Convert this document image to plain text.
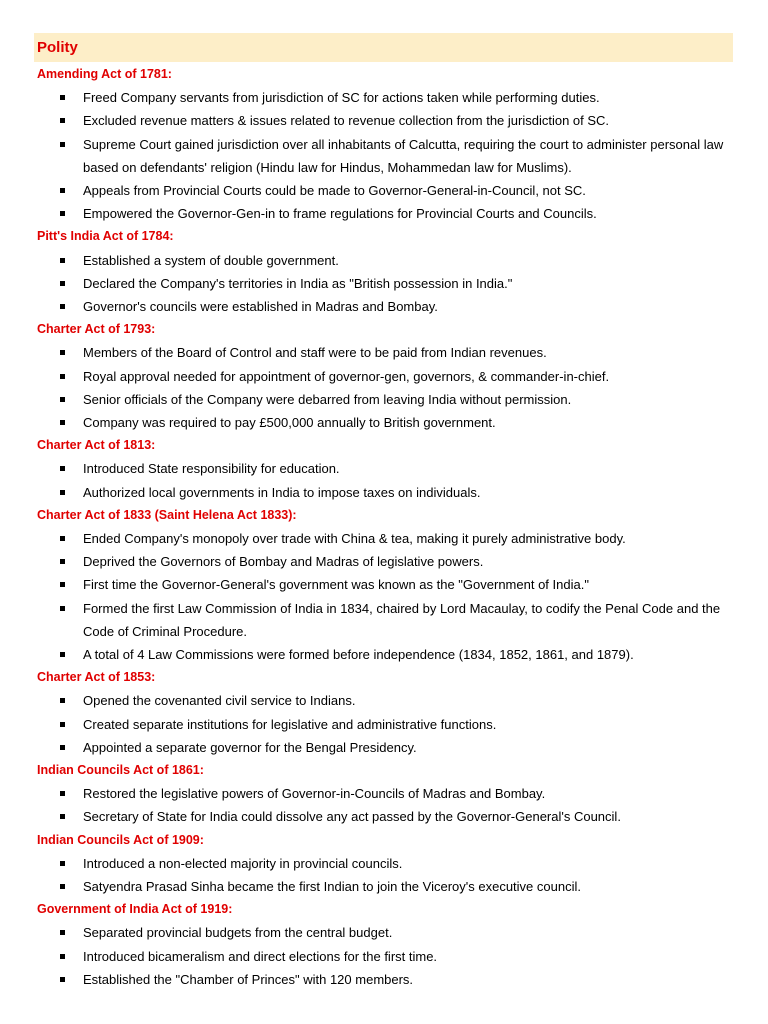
Polity
Amending Act of 1781:
Freed Company servants from jurisdiction of SC for actions taken while performing duties.
Excluded revenue matters & issues related to revenue collection from the jurisdiction of SC.
Supreme Court gained jurisdiction over all inhabitants of Calcutta, requiring the court to administer personal law based on defendants' religion (Hindu law for Hindus, Mohammedan law for Muslims).
Appeals from Provincial Courts could be made to Governor-General-in-Council, not SC.
Empowered the Governor-Gen-in to frame regulations for Provincial Courts and Councils.
Pitt's India Act of 1784:
Established a system of double government.
Declared the Company's territories in India as "British possession in India."
Governor's councils were established in Madras and Bombay.
Charter Act of 1793:
Members of the Board of Control and staff were to be paid from Indian revenues.
Royal approval needed for appointment of governor-gen, governors, & commander-in-chief.
Senior officials of the Company were debarred from leaving India without permission.
Company was required to pay £500,000 annually to British government.
Charter Act of 1813:
Introduced State responsibility for education.
Authorized local governments in India to impose taxes on individuals.
Charter Act of 1833 (Saint Helena Act 1833):
Ended Company's monopoly over trade with China & tea, making it purely administrative body.
Deprived the Governors of Bombay and Madras of legislative powers.
First time the Governor-General's government was known as the "Government of India."
Formed the first Law Commission of India in 1834, chaired by Lord Macaulay, to codify the Penal Code and the Code of Criminal Procedure.
A total of 4 Law Commissions were formed before independence (1834, 1852, 1861, and 1879).
Charter Act of 1853:
Opened the covenanted civil service to Indians.
Created separate institutions for legislative and administrative functions.
Appointed a separate governor for the Bengal Presidency.
Indian Councils Act of 1861:
Restored the legislative powers of Governor-in-Councils of Madras and Bombay.
Secretary of State for India could dissolve any act passed by the Governor-General's Council.
Indian Councils Act of 1909:
Introduced a non-elected majority in provincial councils.
Satyendra Prasad Sinha became the first Indian to join the Viceroy's executive council.
Government of India Act of 1919:
Separated provincial budgets from the central budget.
Introduced bicameralism and direct elections for the first time.
Established the "Chamber of Princes" with 120 members.
